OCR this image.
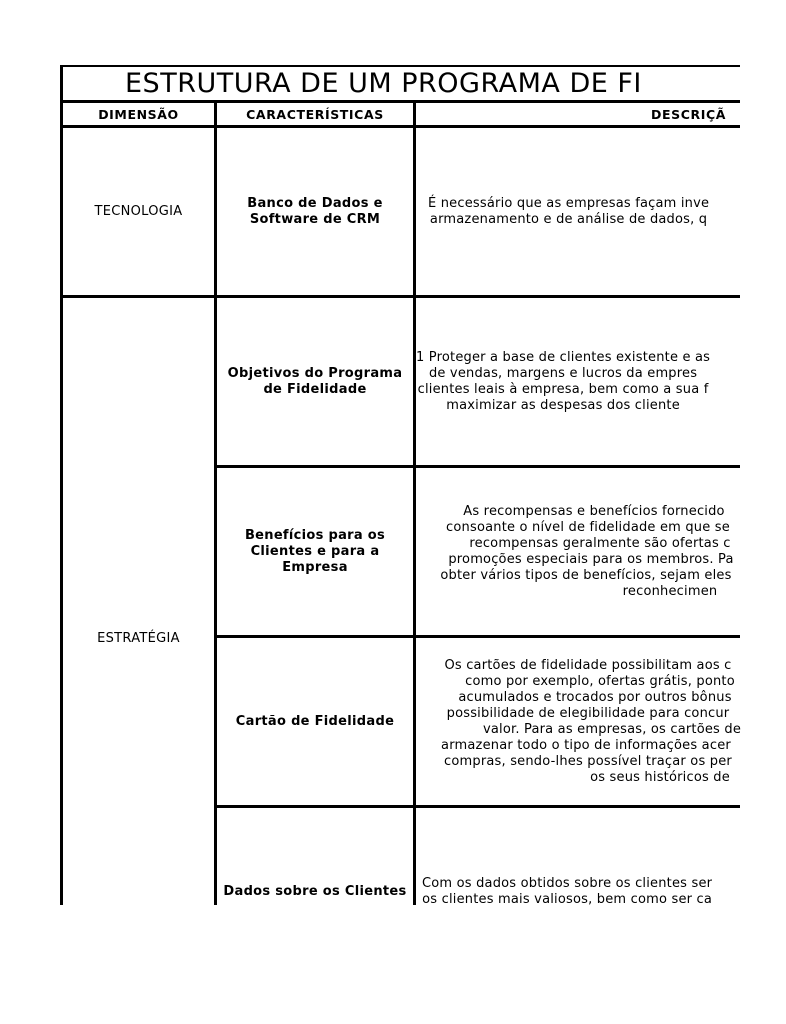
ESTRUTURA DE UM PROGRAMA DE FI
DIMENSÃO	CARACTERÍSTICAS	DESCRIÇÃ
TECNOLOGIA
ESTRATÉGIA
Banco de Dados e Software de CRM
É necessário que as empresas façam inve
armazenamento e de análise de dados, q
Objetivos do Programa de Fidelidade
1 Proteger a base de clientes existente e as
de vendas, margens e lucros da empres
clientes leais à empresa, bem como a sua f
maximizar as despesas dos cliente
Benefícios para os Clientes e para a Empresa
As recompensas e benefícios fornecido
consoante o nível de fidelidade em que se
recompensas geralmente são ofertas c
promoções especiais para os membros. Pa
obter vários tipos de benefícios, sejam eles
reconhecimen
Cartão de Fidelidade
Os cartões de fidelidade possibilitam aos c
como por exemplo, ofertas grátis, ponto
acumulados e trocados por outros bônus
possibilidade de elegibilidade para concur
valor. Para as empresas, os cartões de
armazenar todo o tipo de informações acer
compras, sendo-lhes possível traçar os per
os seus históricos de
Dados sobre os Clientes
Com os dados obtidos sobre os clientes ser
os clientes mais valiosos, bem como ser ca
